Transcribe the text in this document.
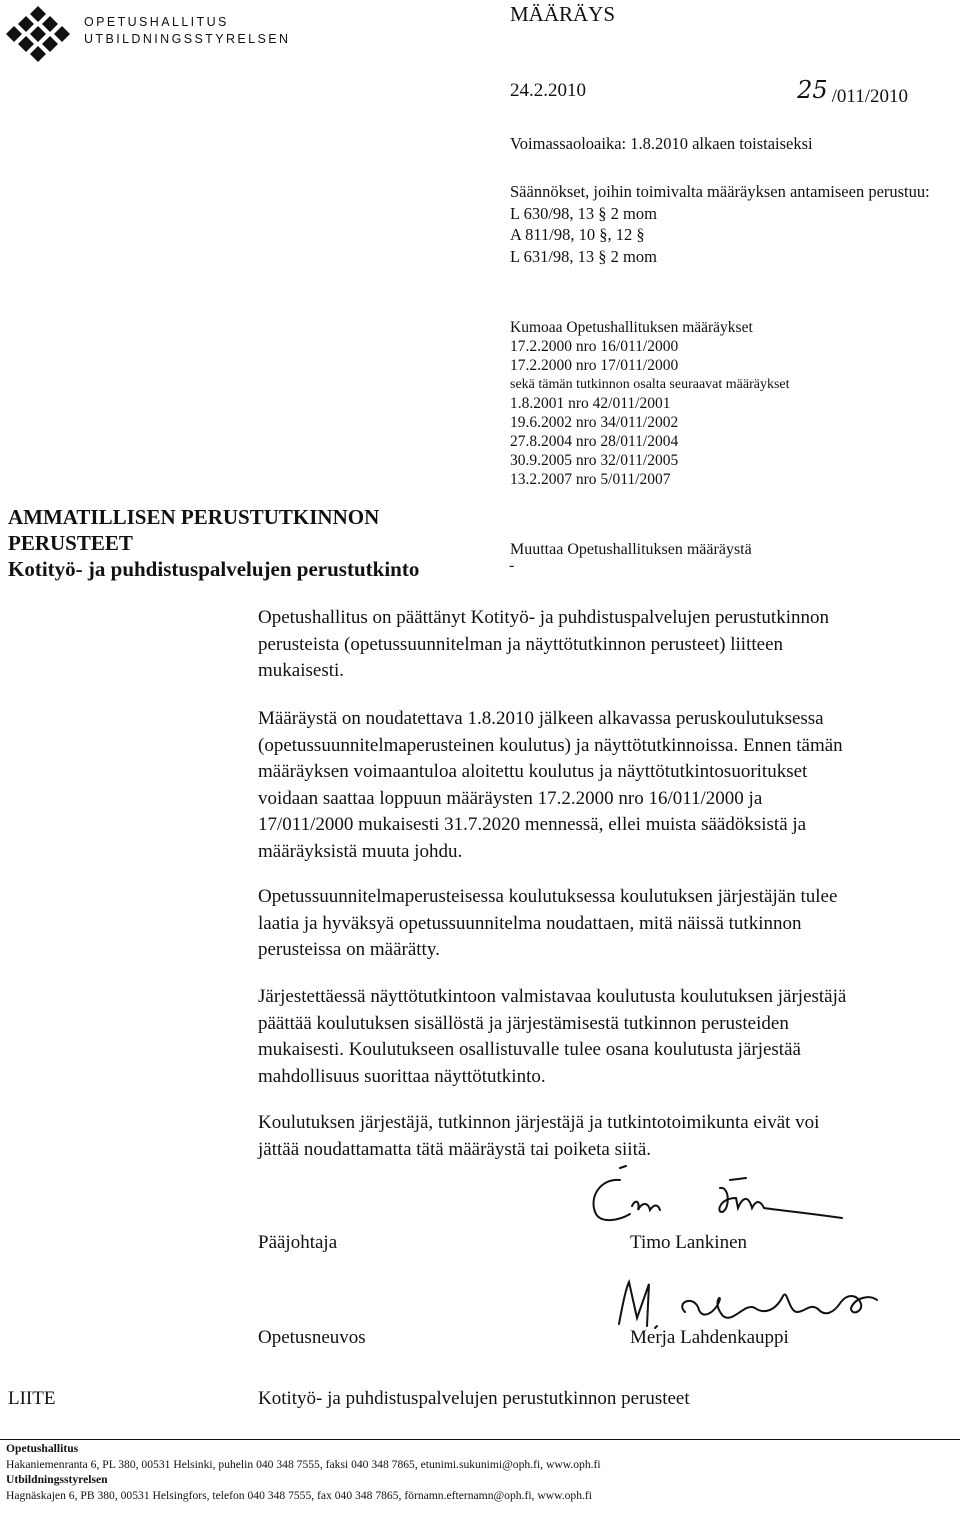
OPETUSHALLITUS
UTBILDNINGSSTYRELSEN
MÄÄRÄYS
24.2.2010	25 /011/2010
Voimassaoloaika: 1.8.2010 alkaen toistaiseksi
Säännökset, joihin toimivalta määräyksen antamiseen perustuu:
L 630/98, 13 § 2 mom
A 811/98, 10 §, 12 §
L 631/98, 13 § 2 mom
Kumoaa Opetushallituksen määräykset
17.2.2000 nro 16/011/2000
17.2.2000 nro 17/011/2000
sekä tämän tutkinnon osalta seuraavat määräykset
1.8.2001 nro 42/011/2001
19.6.2002 nro 34/011/2002
27.8.2004 nro 28/011/2004
30.9.2005 nro 32/011/2005
13.2.2007 nro 5/011/2007
Muuttaa Opetushallituksen määräystä
-
AMMATILLISEN PERUSTUTKINNON
PERUSTEET
Kotityö- ja puhdistuspalvelujen perustutkinto

Opetushallitus on päättänyt Kotityö- ja puhdistuspalvelujen perustutkinnon

perusteista (opetussuunnitelman ja näyttötutkinnon perusteet) liitteen

mukaisesti.

Määräystä on noudatettava 1.8.2010 jälkeen alkavassa peruskoulutuksessa

(opetussuunnitelmaperusteinen koulutus) ja näyttötutkinnoissa. Ennen tämän

määräyksen voimaantuloa aloitettu koulutus ja näyttötutkintosuoritukset

voidaan saattaa loppuun määräysten 17.2.2000 nro 16/011/2000 ja

17/011/2000 mukaisesti 31.7.2020 mennessä, ellei muista säädöksistä ja

määräyksistä muuta johdu.

Opetussuunnitelmaperusteisessa koulutuksessa koulutuksen järjestäjän tulee

laatia ja hyväksyä opetussuunnitelma noudattaen, mitä näissä tutkinnon

perusteissa on määrätty.

Järjestettäessä näyttötutkintoon valmistavaa koulutusta koulutuksen järjestäjä

päättää koulutuksen sisällöstä ja järjestämisestä tutkinnon perusteiden

mukaisesti. Koulutukseen osallistuvalle tulee osana koulutusta järjestää

mahdollisuus suorittaa näyttötutkinto.

Koulutuksen järjestäjä, tutkinnon järjestäjä ja tutkintotoimikunta eivät voi

jättää noudattamatta tätä määräystä tai poiketa siitä.

Pääjohtaja	Timo Lankinen
Opetusneuvos	Merja Lahdenkauppi
LIITE	Kotityö- ja puhdistuspalvelujen perustutkinnon perusteet
Opetushallitus
Hakaniemenranta 6, PL 380, 00531 Helsinki, puhelin 040 348 7555, faksi 040 348 7865, etunimi.sukunimi@oph.fi, www.oph.fi
Utbildningsstyrelsen
Hagnäskajen 6, PB 380, 00531 Helsingfors, telefon 040 348 7555, fax 040 348 7865, förnamn.efternamn@oph.fi, www.oph.fi
